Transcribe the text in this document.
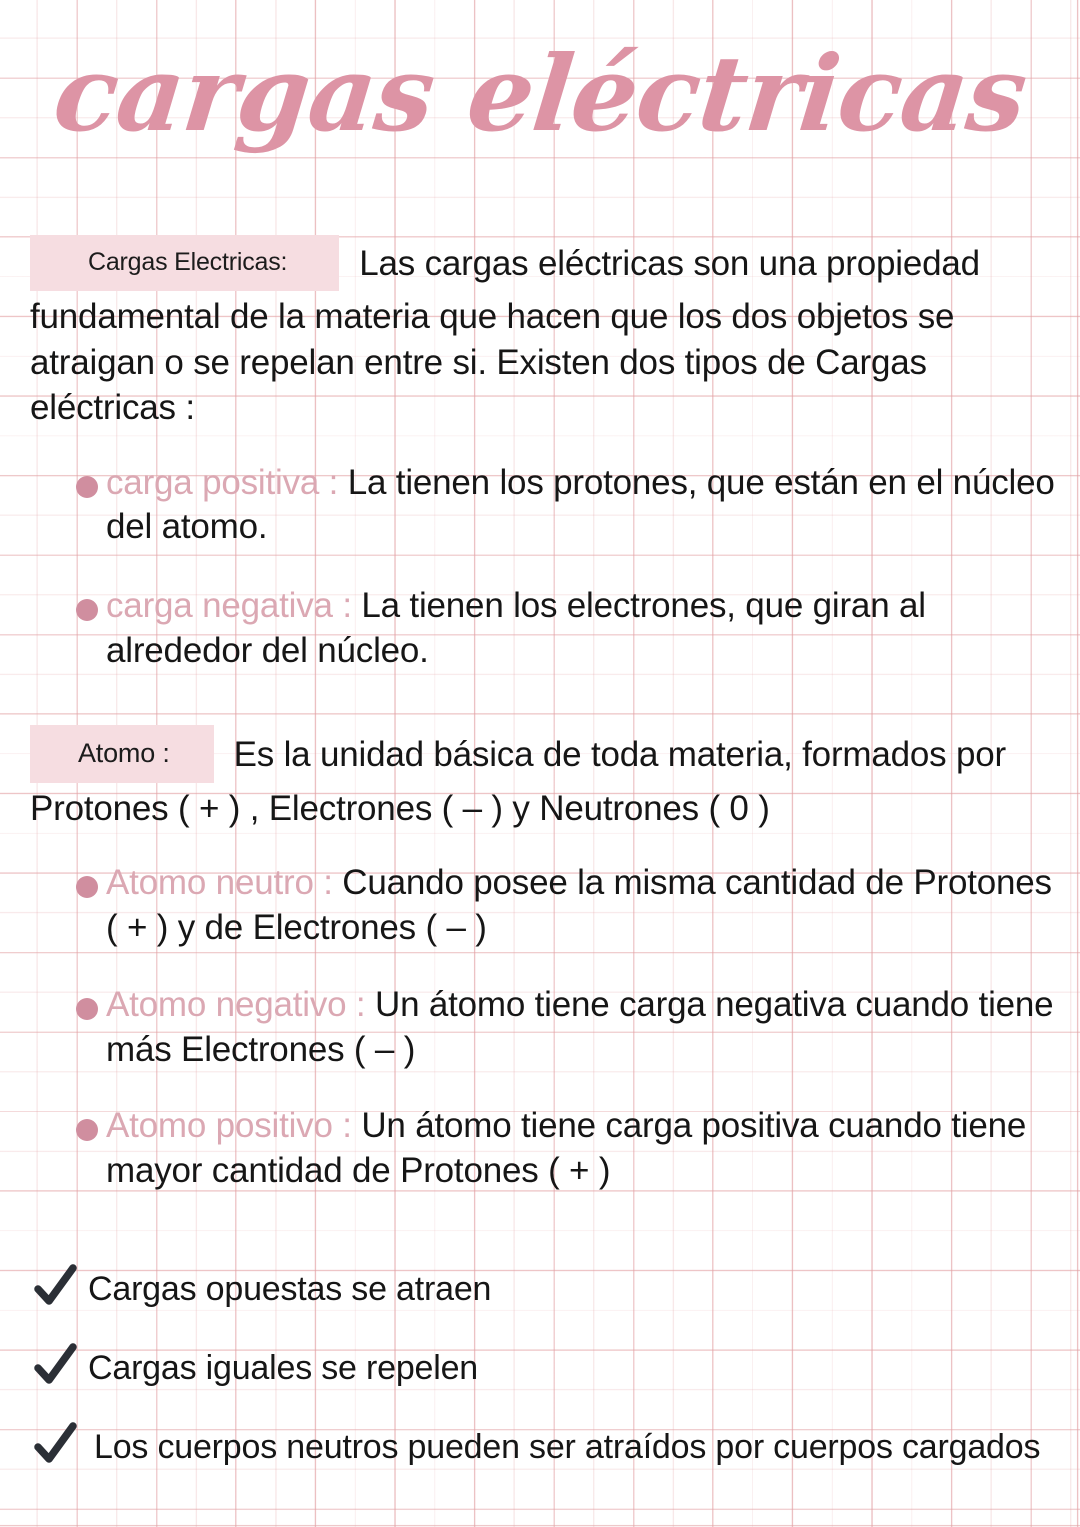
cargas eléctricas

Cargas Electricas: Las cargas eléctricas son una propiedad fundamental de la materia que hacen que los dos objetos se atraigan o se repelan entre si. Existen dos tipos de Cargas eléctricas :

carga positiva : La tienen los protones, que están en el núcleo del atomo.
carga negativa : La tienen los electrones, que giran al alrededor del núcleo.

Atomo : Es la unidad básica de toda materia, formados por Protones ( + ) , Electrones ( – ) y Neutrones ( 0 )

Atomo neutro : Cuando posee la misma cantidad de Protones ( + ) y de Electrones ( – )
Atomo negativo : Un átomo tiene carga negativa cuando tiene más Electrones ( – )
Atomo positivo : Un átomo tiene carga positiva cuando tiene mayor cantidad de Protones ( + )
Cargas opuestas se atraen
Cargas iguales se repelen
Los cuerpos neutros pueden ser atraídos por cuerpos cargados
